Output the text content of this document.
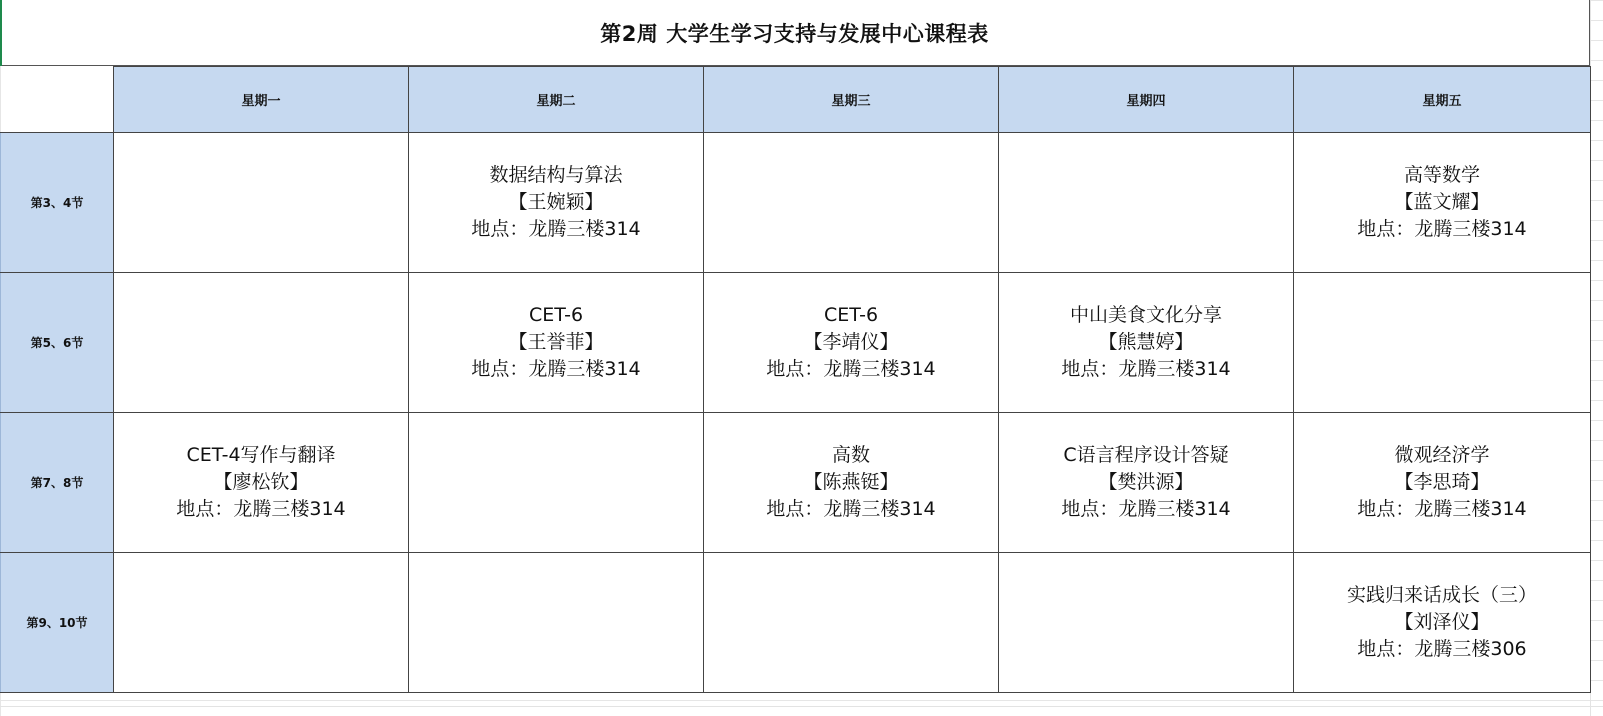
第2周 大学生学习支持与发展中心课程表
	星期一	星期二	星期三	星期四	星期五
第3、4节		数据结构与算法
【王婉颖】
地点：龙腾三楼314			高等数学
【蓝文耀】
地点：龙腾三楼314

第5、6节		CET-6
【王誉菲】
地点：龙腾三楼314	CET-6
【李靖仪】
地点：龙腾三楼314	中山美食文化分享
【熊慧婷】
地点：龙腾三楼314	

第7、8节	CET-4写作与翻译
【廖松钦】
地点：龙腾三楼314		高数
【陈燕铤】
地点：龙腾三楼314	C语言程序设计答疑
【樊洪源】
地点：龙腾三楼314	微观经济学
【李思琦】
地点：龙腾三楼314

第9、10节					实践归来话成长（三）
【刘泽仪】
地点：龙腾三楼306
